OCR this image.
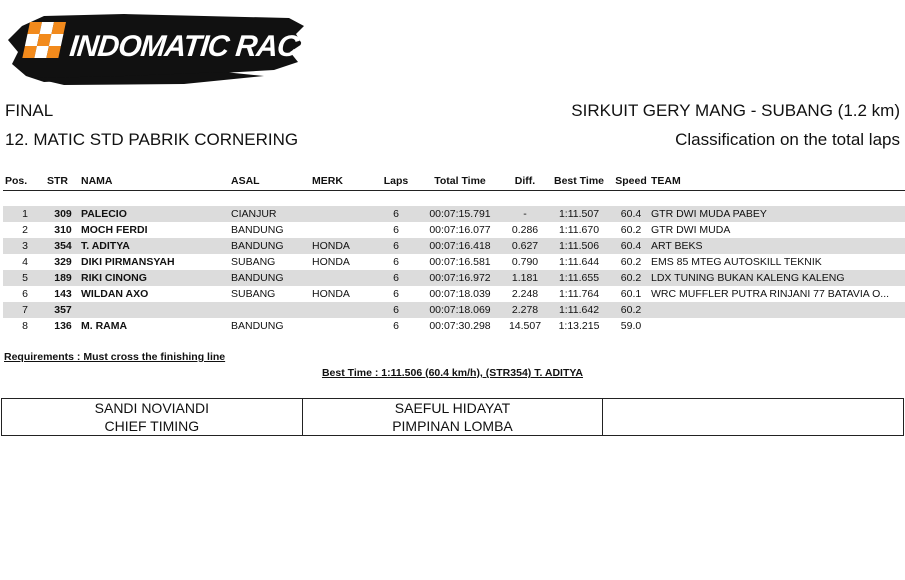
INDOMATIC RACE
FINAL	SIRKUIT GERY MANG - SUBANG (1.2 km)
12. MATIC STD PABRIK CORNERING	Classification on the total laps
Pos.	STR	NAMA	ASAL	MERK	Laps	Total Time	Diff.	Best Time	Speed	TEAM

1	309	PALECIO	CIANJUR		6	00:07:15.791	-	1:11.507	60.4	GTR DWI MUDA PABEY
2	310	MOCH FERDI	BANDUNG		6	00:07:16.077	0.286	1:11.670	60.2	GTR DWI MUDA
3	354	T. ADITYA	BANDUNG	HONDA	6	00:07:16.418	0.627	1:11.506	60.4	ART BEKS
4	329	DIKI PIRMANSYAH	SUBANG	HONDA	6	00:07:16.581	0.790	1:11.644	60.2	EMS 85 MTEG AUTOSKILL TEKNIK
5	189	RIKI CINONG	BANDUNG		6	00:07:16.972	1.181	1:11.655	60.2	LDX TUNING BUKAN KALENG KALENG
6	143	WILDAN AXO	SUBANG	HONDA	6	00:07:18.039	2.248	1:11.764	60.1	WRC MUFFLER PUTRA RINJANI 77 BATAVIA O...
7	357				6	00:07:18.069	2.278	1:11.642	60.2	
8	136	M. RAMA	BANDUNG		6	00:07:30.298	14.507	1:13.215	59.0	
Requirements : Must cross the finishing line
Best Time : 1:11.506 (60.4 km/h), (STR354) T. ADITYA
SANDI NOVIANDI
CHIEF TIMING

SAEFUL HIDAYAT
PIMPINAN LOMBA
